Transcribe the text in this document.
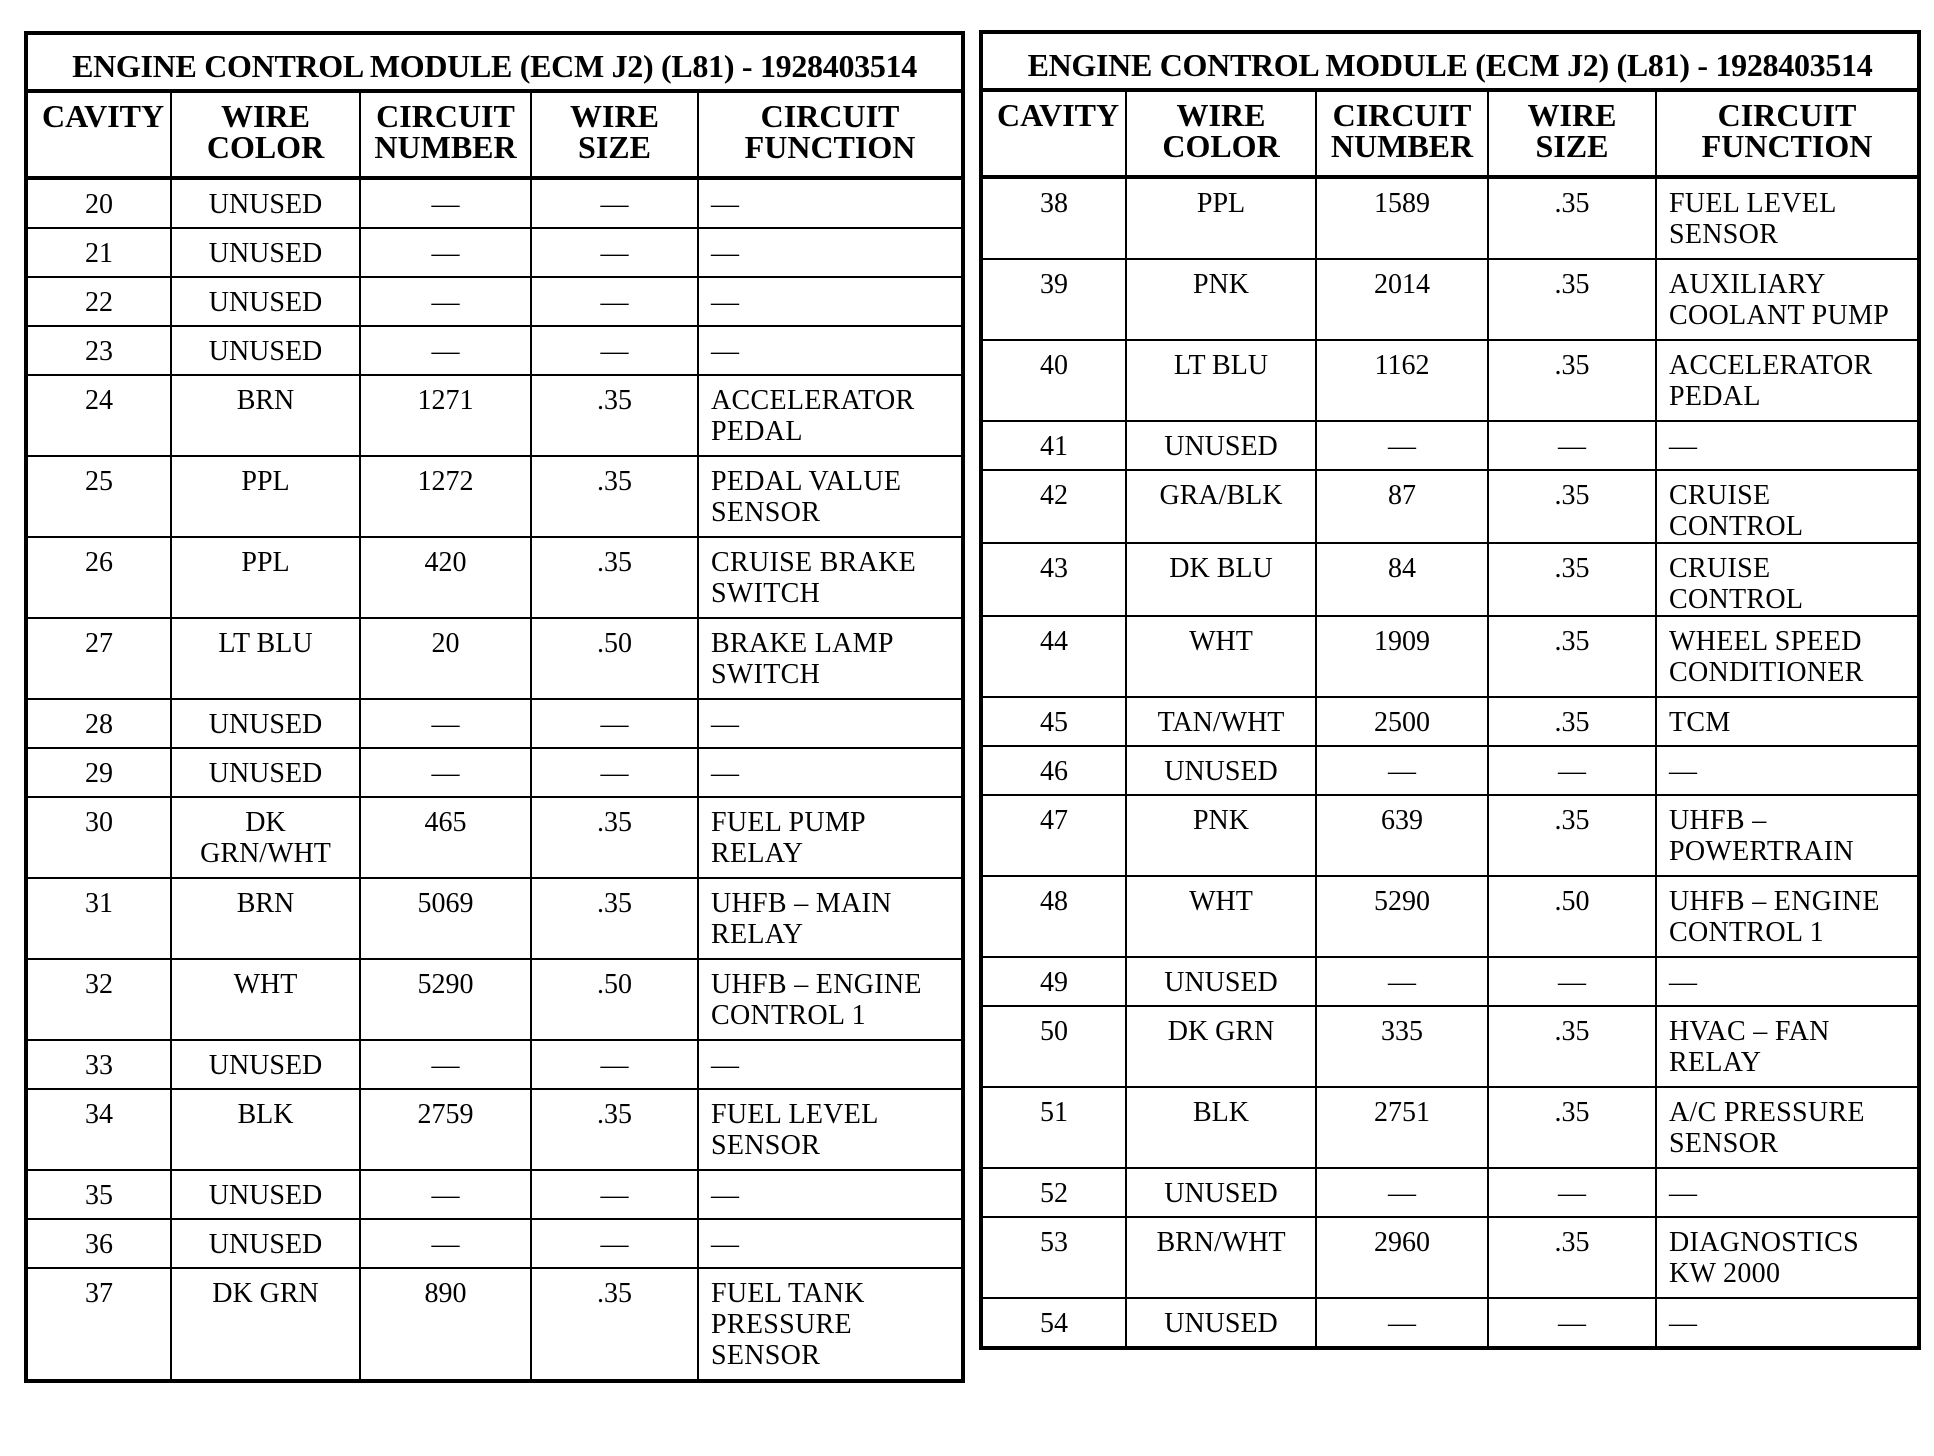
ENGINE CONTROL MODULE (ECM J2) (L81) - 1928403514				
CAVITY	WIRE COLOR	CIRCUIT NUMBER	WIRE SIZE	CIRCUIT FUNCTION
20	UNUSED	—	—	—
21	UNUSED	—	—	—
22	UNUSED	—	—	—
23	UNUSED	—	—	—
24	BRN	1271	.35	ACCELERATOR PEDAL
25	PPL	1272	.35	PEDAL VALUE SENSOR
26	PPL	420	.35	CRUISE BRAKE SWITCH
27	LT BLU	20	.50	BRAKE LAMP SWITCH
28	UNUSED	—	—	—
29	UNUSED	—	—	—
30	DK GRN/WHT	465	.35	FUEL PUMP RELAY
31	BRN	5069	.35	UHFB – MAIN RELAY
32	WHT	5290	.50	UHFB – ENGINE CONTROL 1
33	UNUSED	—	—	—
34	BLK	2759	.35	FUEL LEVEL SENSOR
35	UNUSED	—	—	—
36	UNUSED	—	—	—
37	DK GRN	890	.35	FUEL TANK PRESSURE SENSOR
ENGINE CONTROL MODULE (ECM J2) (L81) - 1928403514				
CAVITY	WIRE COLOR	CIRCUIT NUMBER	WIRE SIZE	CIRCUIT FUNCTION
38	PPL	1589	.35	FUEL LEVEL SENSOR
39	PNK	2014	.35	AUXILIARY COOLANT PUMP
40	LT BLU	1162	.35	ACCELERATOR PEDAL
41	UNUSED	—	—	—
42	GRA/BLK	87	.35	CRUISE CONTROL
43	DK BLU	84	.35	CRUISE CONTROL
44	WHT	1909	.35	WHEEL SPEED CONDITIONER
45	TAN/WHT	2500	.35	TCM
46	UNUSED	—	—	—
47	PNK	639	.35	UHFB – POWERTRAIN
48	WHT	5290	.50	UHFB – ENGINE CONTROL 1
49	UNUSED	—	—	—
50	DK GRN	335	.35	HVAC – FAN RELAY
51	BLK	2751	.35	A/C PRESSURE SENSOR
52	UNUSED	—	—	—
53	BRN/WHT	2960	.35	DIAGNOSTICS KW 2000
54	UNUSED	—	—	—
